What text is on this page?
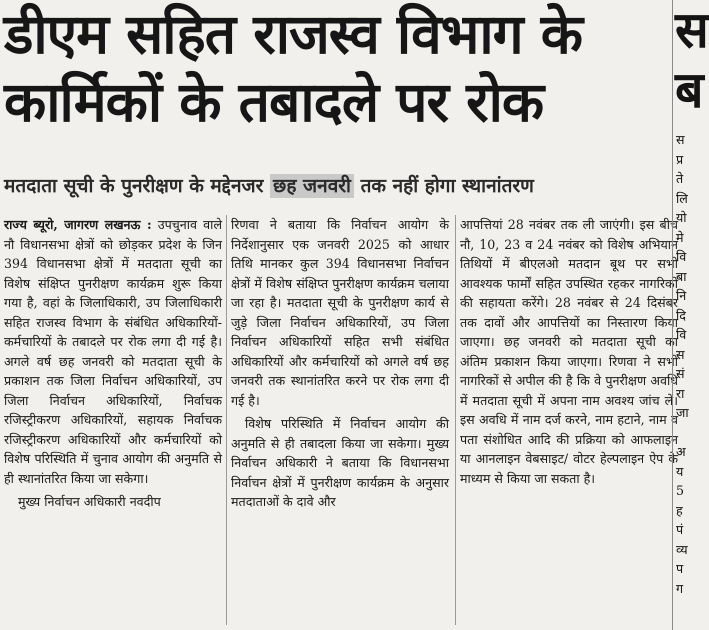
डीएम सहित राजस्व विभाग के
कार्मिकों के तबादले पर रोक
मतदाता सूची के पुनरीक्षण के मद्देनजर छह जनवरी तक नहीं होगा स्थानांतरण

राज्य ब्यूरो, जागरण लखनऊ : उपचुनाव वाले नौ विधानसभा क्षेत्रों को छोड़कर प्रदेश के जिन 394 विधानसभा क्षेत्रों में मतदाता सूची का विशेष संक्षिप्त पुनरीक्षण कार्यक्रम शुरू किया गया है, वहां के जिलाधिकारी, उप जिलाधिकारी सहित राजस्व विभाग के संबंधित अधिकारियों-कर्मचारियों के तबादले पर रोक लगा दी गई है। अगले वर्ष छह जनवरी को मतदाता सूची के प्रकाशन तक जिला निर्वाचन अधिकारियों, उप जिला निर्वाचन अधिकारियों, निर्वाचक रजिस्ट्रीकरण अधिकारियों, सहायक निर्वाचक रजिस्ट्रीकरण अधिकारियों और कर्मचारियों को विशेष परिस्थिति में चुनाव आयोग की अनुमति से ही स्थानांतरित किया जा सकेगा।

मुख्य निर्वाचन अधिकारी नवदीप

रिणवा ने बताया कि निर्वाचन आयोग के निर्देशानुसार एक जनवरी 2025 को आधार तिथि मानकर कुल 394 विधानसभा निर्वाचन क्षेत्रों में विशेष संक्षिप्त पुनरीक्षण कार्यक्रम चलाया जा रहा है। मतदाता सूची के पुनरीक्षण कार्य से जुड़े जिला निर्वाचन अधिकारियों, उप जिला निर्वाचन अधिकारियों सहित सभी संबंधित अधिकारियों और कर्मचारियों को अगले वर्ष छह जनवरी तक स्थानांतरित करने पर रोक लगा दी गई है।

विशेष परिस्थिति में निर्वाचन आयोग की अनुमति से ही तबादला किया जा सकेगा। मुख्य निर्वाचन अधिकारी ने बताया कि विधानसभा निर्वाचन क्षेत्रों में पुनरीक्षण कार्यक्रम के अनुसार मतदाताओं के दावे और

आपत्तियां 28 नवंबर तक ली जाएंगी। इस बीच नौ, 10, 23 व 24 नवंबर को विशेष अभियान तिथियों में बीएलओ मतदान बूथ पर सभी आवश्यक फार्मों सहित उपस्थित रहकर नागरिकों की सहायता करेंगे। 28 नवंबर से 24 दिसंबर तक दावों और आपत्तियों का निस्तारण किया जाएगा। छह जनवरी को मतदाता सूची का अंतिम प्रकाशन किया जाएगा। रिणवा ने सभी नागरिकों से अपील की है कि वे पुनरीक्षण अवधि में मतदाता सूची में अपना नाम अवश्य जांच लें। इस अवधि में नाम दर्ज करने, नाम हटाने, नाम व पता संशोधित आदि की प्रक्रिया को आफलाइन या आनलाइन वेबसाइट/ वोटर हेल्पलाइन ऐप के माध्यम से किया जा सकता है।

स
ब
स
प्र
ते
लि
यो
मे
वि
बा
नि
दि
वि
स
सं
रा
जा

अ
य
5
ह
पं
व्य
प
ग
